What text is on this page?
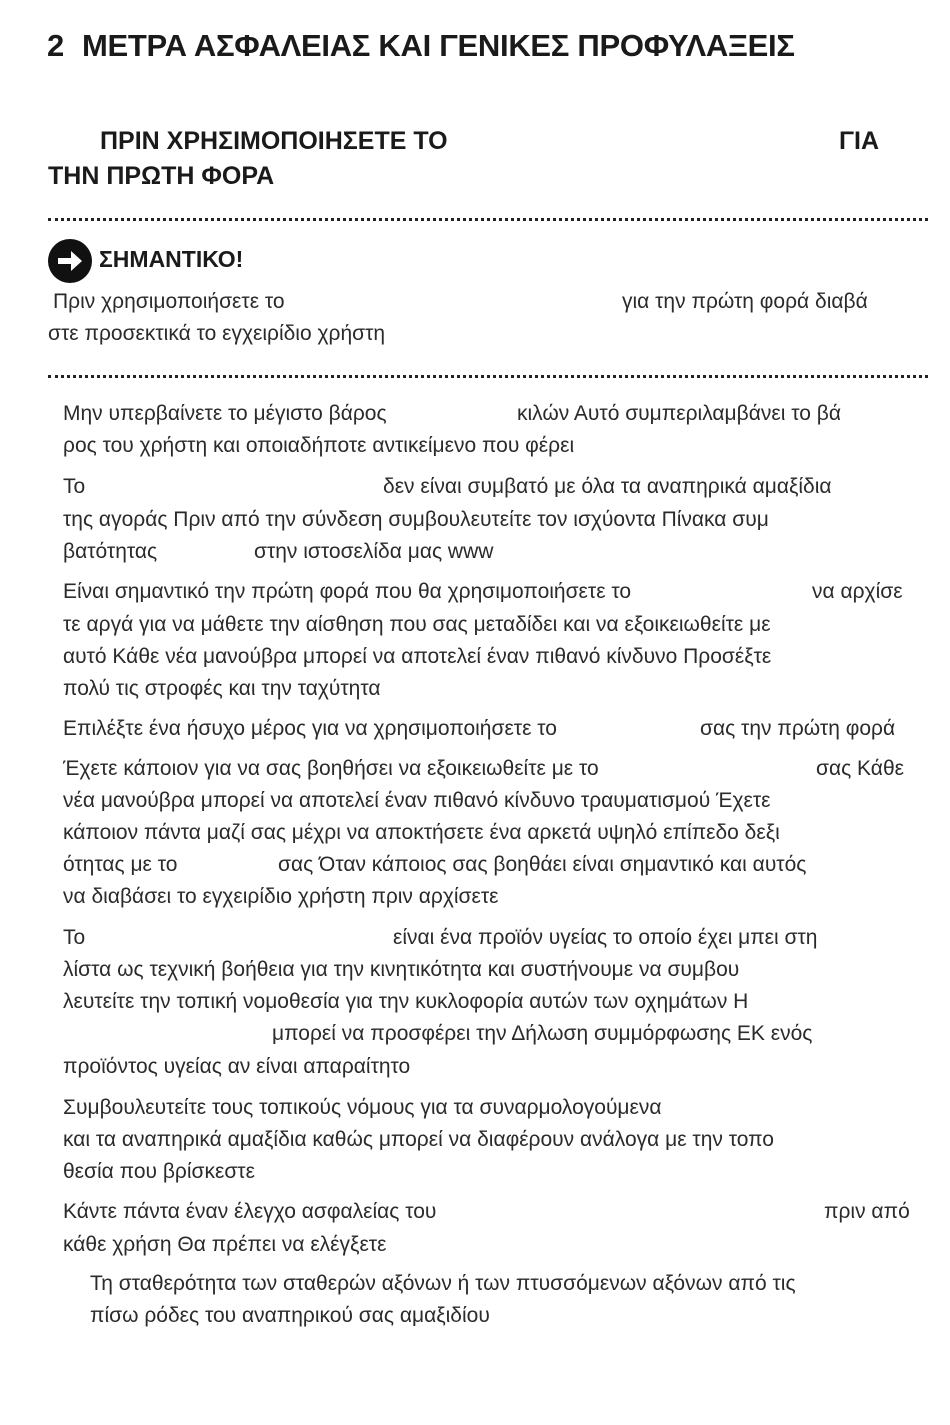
2 ΜΕΤΡΑ ΑΣΦΑΛΕΙΑΣ ΚΑΙ ΓΕΝΙΚΕΣ ΠΡΟΦΥΛΑΞΕΙΣ
ΠΡΙΝ ΧΡΗΣΙΜΟΠΟΙΗΣΕΤΕ ΤΟ	ΓΙΑ
ΤΗΝ ΠΡΩΤΗ ΦΟΡΑ
ΣΗΜΑΝΤΙΚΟ!
Πριν χρησιμοποιήσετε το	για την πρώτη φορά διαβά
στε προσεκτικά το εγχειρίδιο χρήστη
Μην υπερβαίνετε το μέγιστο βάρος	κιλών Αυτό συμπεριλαμβάνει το βά
ρος του χρήστη και οποιαδήποτε αντικείμενο που φέρει
Το	δεν είναι συμβατό με όλα τα αναπηρικά αμαξίδια
της αγοράς Πριν από την σύνδεση συμβουλευτείτε τον ισχύοντα Πίνακα συμ
βατότητας	στην ιστοσελίδα μας www
Είναι σημαντικό την πρώτη φορά που θα χρησιμοποιήσετε το	να αρχίσε
τε αργά για να μάθετε την αίσθηση που σας μεταδίδει και να εξοικειωθείτε με
αυτό Κάθε νέα μανούβρα μπορεί να αποτελεί έναν πιθανό κίνδυνο Προσέξτε
πολύ τις στροφές και την ταχύτητα
Επιλέξτε ένα ήσυχο μέρος για να χρησιμοποιήσετε το	σας την πρώτη φορά
Έχετε κάποιον για να σας βοηθήσει να εξοικειωθείτε με το	σας Κάθε
νέα μανούβρα μπορεί να αποτελεί έναν πιθανό κίνδυνο τραυματισμού Έχετε
κάποιον πάντα μαζί σας μέχρι να αποκτήσετε ένα αρκετά υψηλό επίπεδο δεξι
ότητας με το	σας Όταν κάποιος σας βοηθάει είναι σημαντικό και αυτός
να διαβάσει το εγχειρίδιο χρήστη πριν αρχίσετε
Το	είναι ένα προϊόν υγείας το οποίο έχει μπει στη
λίστα ως τεχνική βοήθεια για την κινητικότητα και συστήνουμε να συμβου
λευτείτε την τοπική νομοθεσία για την κυκλοφορία αυτών των οχημάτων Η
μπορεί να προσφέρει την Δήλωση συμμόρφωσης ΕΚ ενός
προϊόντος υγείας αν είναι απαραίτητο
Συμβουλευτείτε τους τοπικούς νόμους για τα συναρμολογούμενα
και τα αναπηρικά αμαξίδια καθώς μπορεί να διαφέρουν ανάλογα με την τοπο
θεσία που βρίσκεστε
Κάντε πάντα έναν έλεγχο ασφαλείας του	πριν από
κάθε χρήση Θα πρέπει να ελέγξετε
Τη σταθερότητα των σταθερών αξόνων ή των πτυσσόμενων αξόνων από τις
πίσω ρόδες του αναπηρικού σας αμαξιδίου
